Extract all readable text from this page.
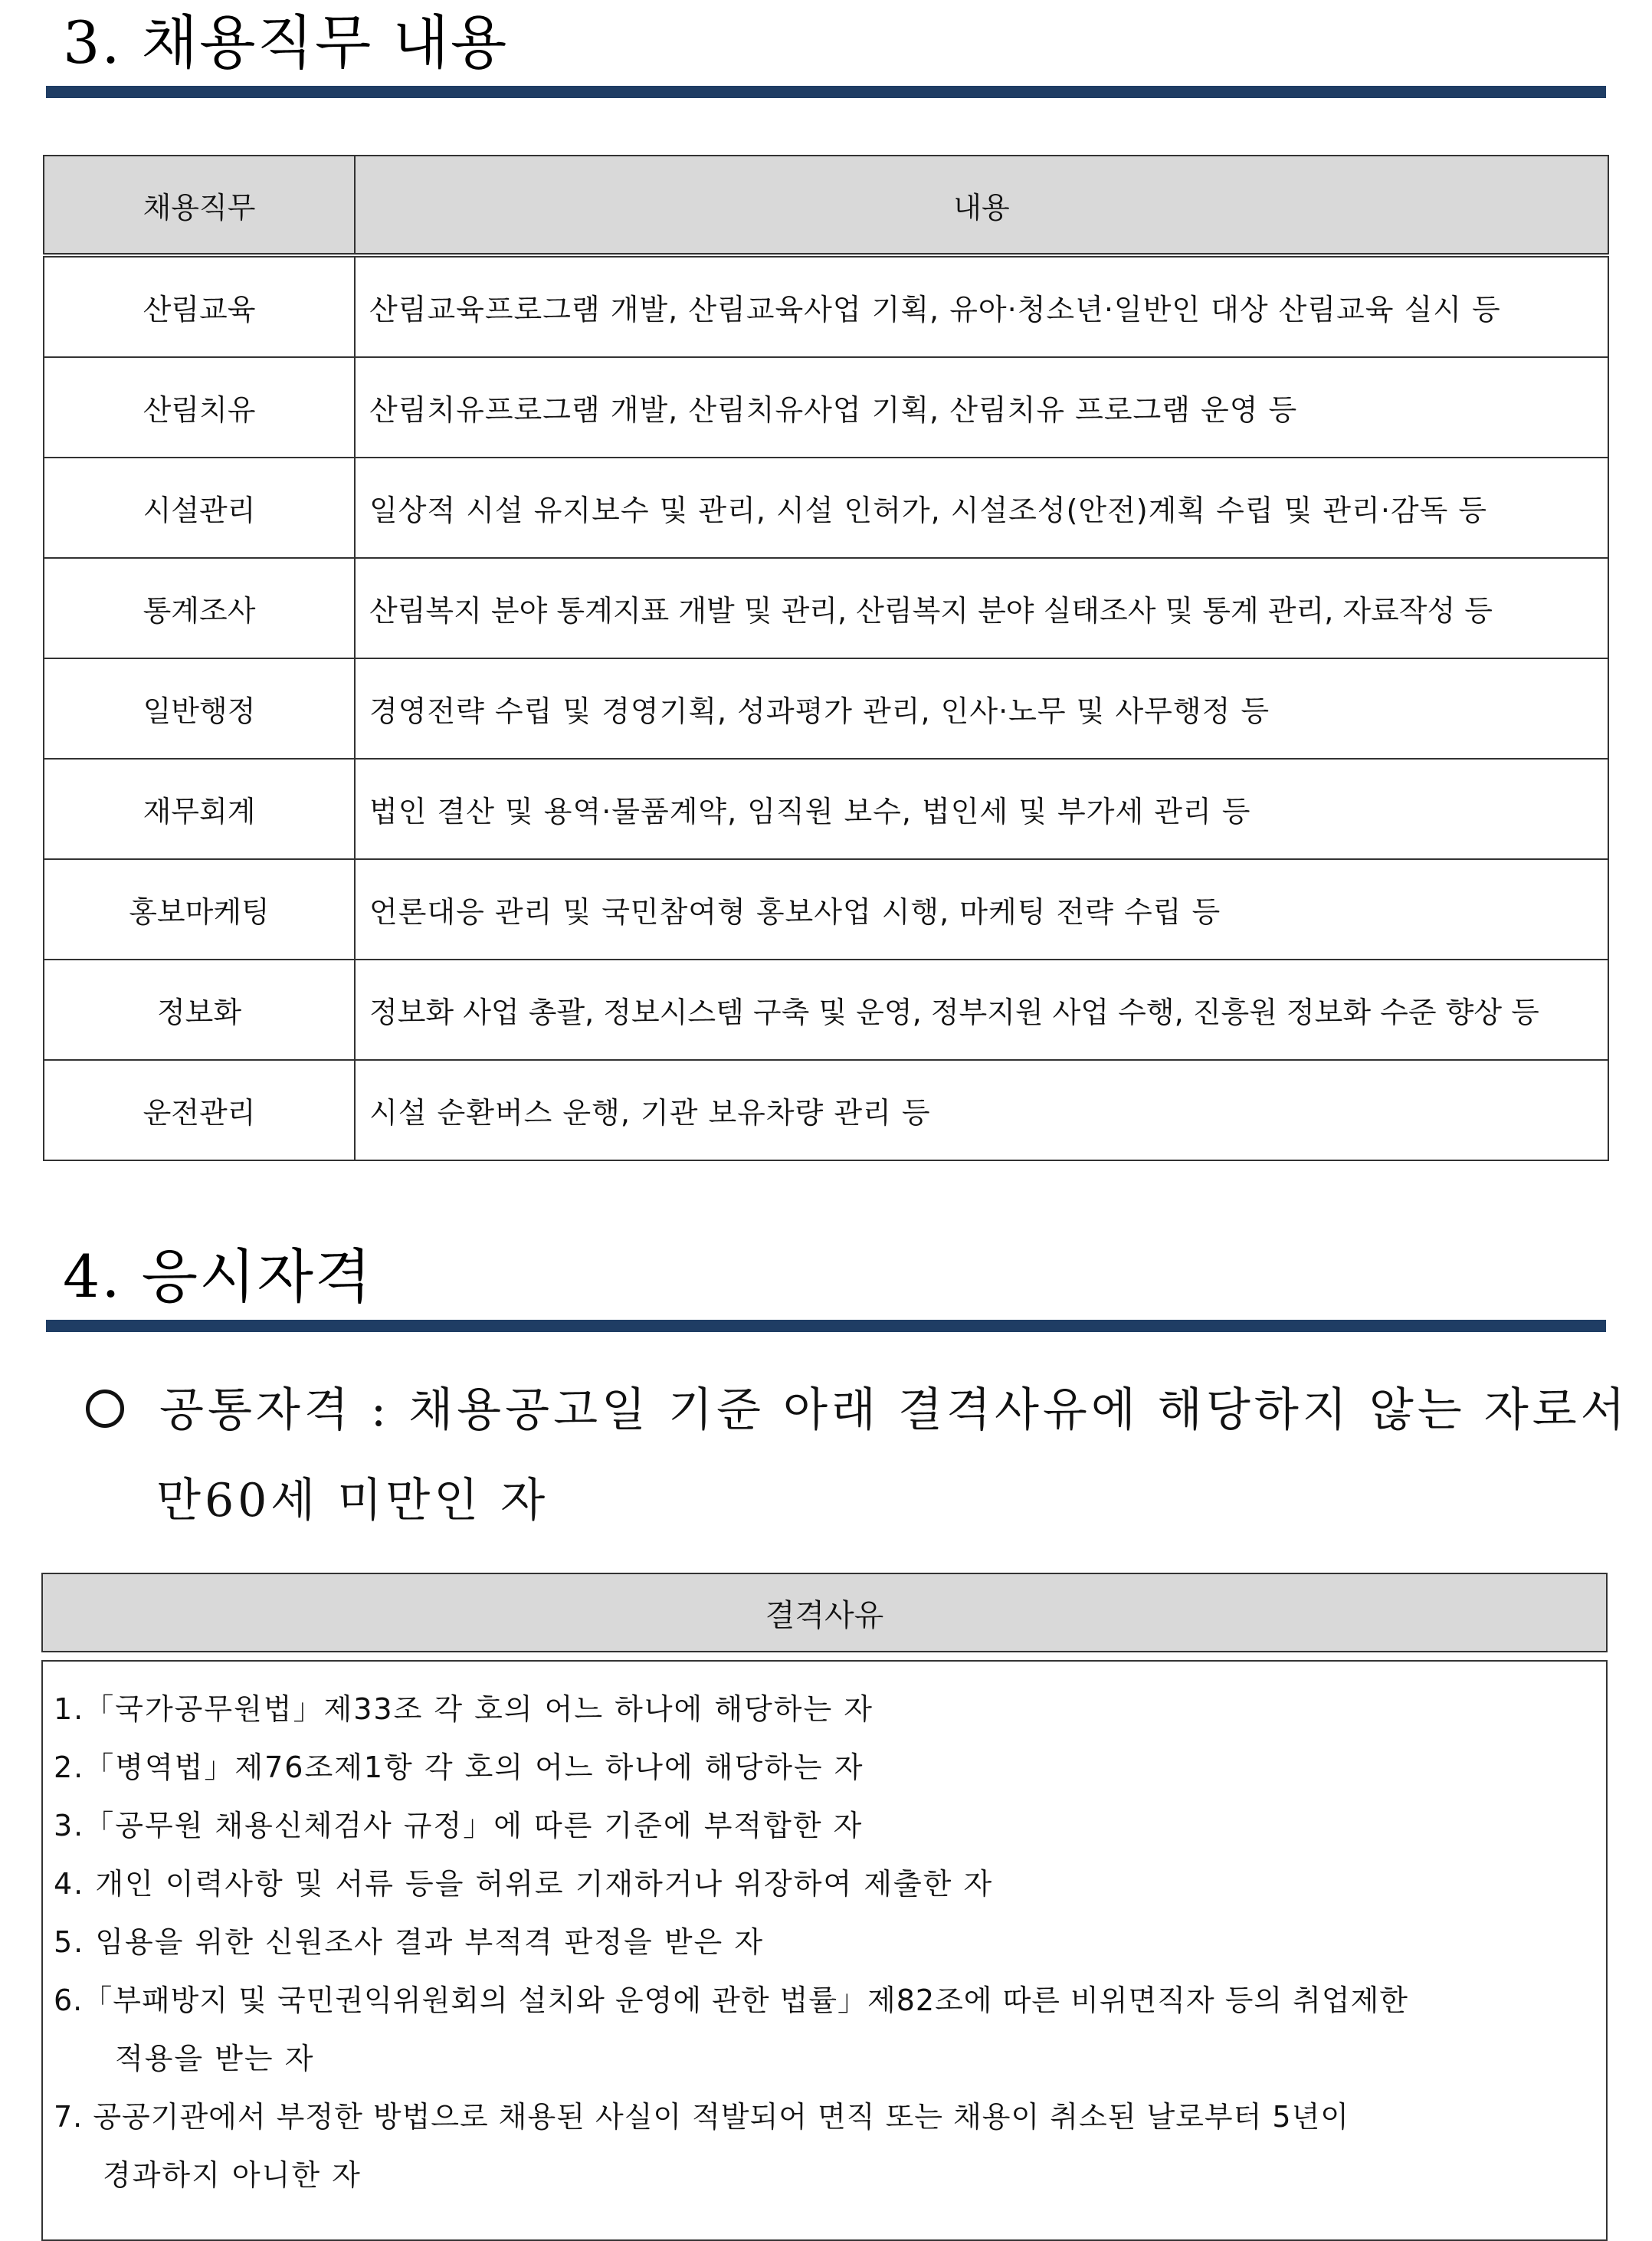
3. 채용직무 내용
채용직무	내용
산림교육	산림교육프로그램 개발, 산림교육사업 기획, 유아·청소년·일반인 대상 산림교육 실시 등
산림치유	산림치유프로그램 개발, 산림치유사업 기획, 산림치유 프로그램 운영 등
시설관리	일상적 시설 유지보수 및 관리, 시설 인허가, 시설조성(안전)계획 수립 및 관리·감독 등
통계조사	산림복지 분야 통계지표 개발 및 관리, 산림복지 분야 실태조사 및 통계 관리, 자료작성 등
일반행정	경영전략 수립 및 경영기획, 성과평가 관리, 인사·노무 및 사무행정 등
재무회계	법인 결산 및 용역·물품계약, 임직원 보수, 법인세 및 부가세 관리 등
홍보마케팅	언론대응 관리 및 국민참여형 홍보사업 시행, 마케팅 전략 수립 등
정보화	정보화 사업 총괄, 정보시스템 구축 및 운영, 정부지원 사업 수행, 진흥원 정보화 수준 향상 등
운전관리	시설 순환버스 운행, 기관 보유차량 관리 등
4. 응시자격
공통자격 : 채용공고일 기준 아래 결격사유에 해당하지 않는 자로서
만60세 미만인 자
결격사유
1.「국가공무원법」제33조 각 호의 어느 하나에 해당하는 자
2.「병역법」제76조제1항 각 호의 어느 하나에 해당하는 자
3.「공무원 채용신체검사 규정」에 따른 기준에 부적합한 자
4. 개인 이력사항 및 서류 등을 허위로 기재하거나 위장하여 제출한 자
5. 임용을 위한 신원조사 결과 부적격 판정을 받은 자
6.「부패방지 및 국민권익위원회의 설치와 운영에 관한 법률」제82조에 따른 비위면직자 등의 취업제한
적용을 받는 자
7. 공공기관에서 부정한 방법으로 채용된 사실이 적발되어 면직 또는 채용이 취소된 날로부터 5년이
경과하지 아니한 자
